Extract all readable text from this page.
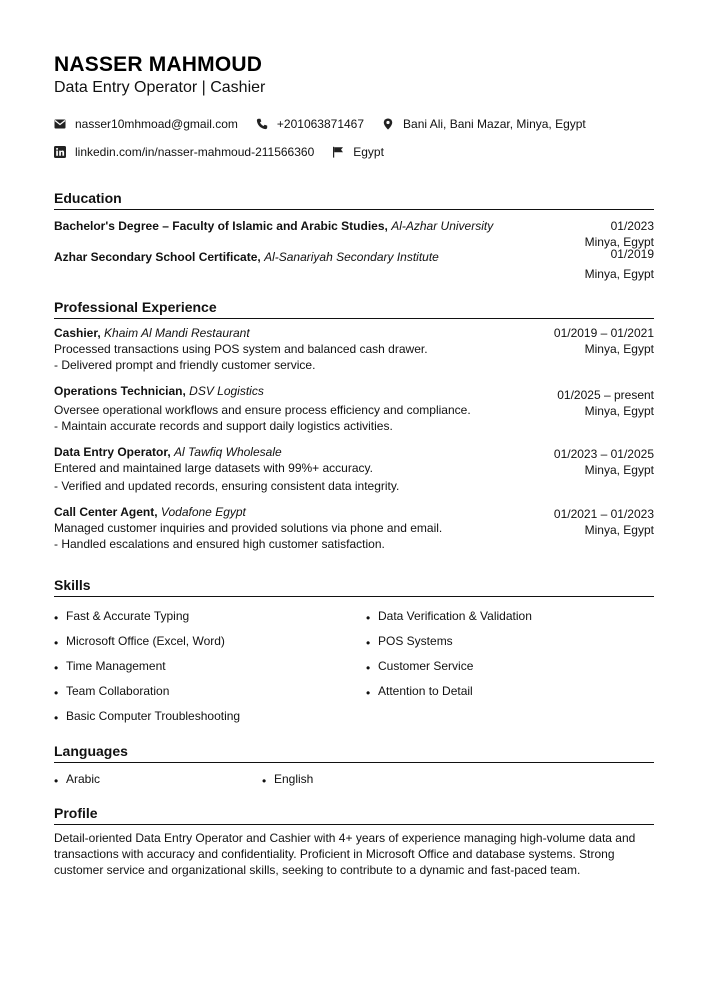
NASSER MAHMOUD
Data Entry Operator | Cashier
nasser10mhmoad@gmail.com	+201063871467	Bani Ali, Bani Mazar, Minya, Egypt
linkedin.com/in/nasser-mahmoud-211566360	Egypt
Education
Bachelor's Degree – Faculty of Islamic and Arabic Studies, Al-Azhar University	01/2023
Minya, Egypt
Azhar Secondary School Certificate, Al-Sanariyah Secondary Institute	01/2019
Minya, Egypt
Professional Experience
Cashier, Khaim Al Mandi Restaurant
Processed transactions using POS system and balanced cash drawer.
- Delivered prompt and friendly customer service.
01/2019 – 01/2021
Minya, Egypt
Operations Technician, DSV Logistics
Oversee operational workflows and ensure process efficiency and compliance.
- Maintain accurate records and support daily logistics activities.
01/2025 – present
Minya, Egypt
Data Entry Operator, Al Tawfiq Wholesale
Entered and maintained large datasets with 99%+ accuracy.
- Verified and updated records, ensuring consistent data integrity.
01/2023 – 01/2025
Minya, Egypt
Call Center Agent, Vodafone Egypt
Managed customer inquiries and provided solutions via phone and email.
- Handled escalations and ensured high customer satisfaction.
01/2021 – 01/2023
Minya, Egypt
Skills
• Fast & Accurate Typing	• Data Verification & Validation
• Microsoft Office (Excel, Word)	• POS Systems
• Time Management	• Customer Service
• Team Collaboration	• Attention to Detail
• Basic Computer Troubleshooting
Languages
• Arabic	• English
Profile
Detail-oriented Data Entry Operator and Cashier with 4+ years of experience managing high-volume data and transactions with accuracy and confidentiality. Proficient in Microsoft Office and database systems. Strong customer service and organizational skills, seeking to contribute to a dynamic and fast-paced team.
